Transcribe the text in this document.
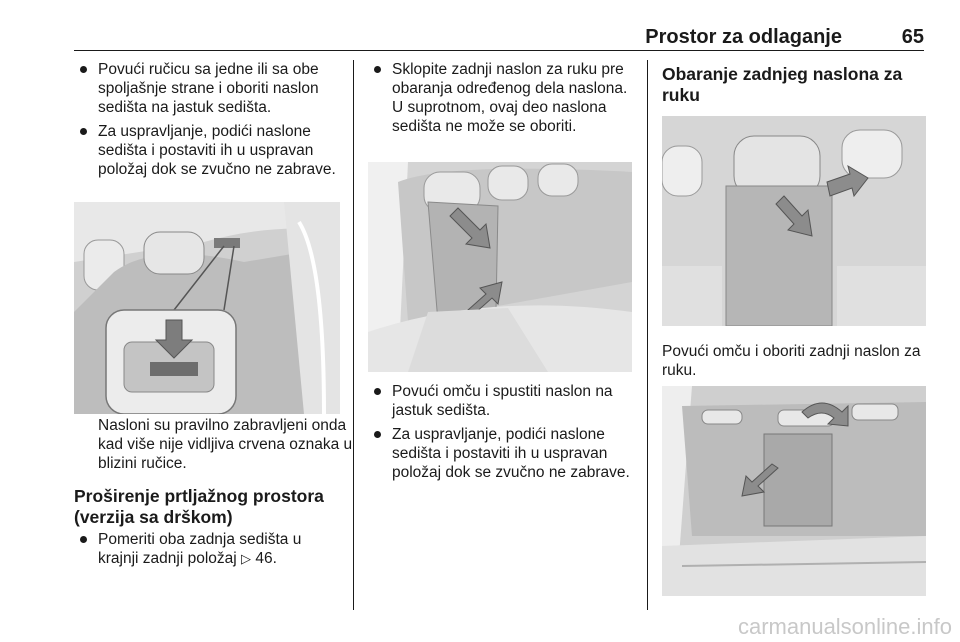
Prostor za odlaganje	65
Povući ručicu sa jedne ili sa obe spoljašnje strane i oboriti naslon sedišta na jastuk sedišta.
Za uspravljanje, podići naslone sedišta i postaviti ih u uspravan položaj dok se zvučno ne zabrave.
Nasloni su pravilno zabravljeni onda kad više nije vidljiva crvena oznaka u blizini ručice.
Proširenje prtljažnog prostora (verzija sa drškom)
Pomeriti oba zadnja sedišta u krajnji zadnji položaj ▷ 46.
Sklopite zadnji naslon za ruku pre obaranja određenog dela naslona. U suprotnom, ovaj deo naslona sedišta ne može se oboriti.
Povući omču i spustiti naslon na jastuk sedišta.
Za uspravljanje, podići naslone sedišta i postaviti ih u uspravan položaj dok se zvučno ne zabrave.
Obaranje zadnjeg naslona za ruku
Povući omču i oboriti zadnji naslon za ruku.
carmanualsonline.info
